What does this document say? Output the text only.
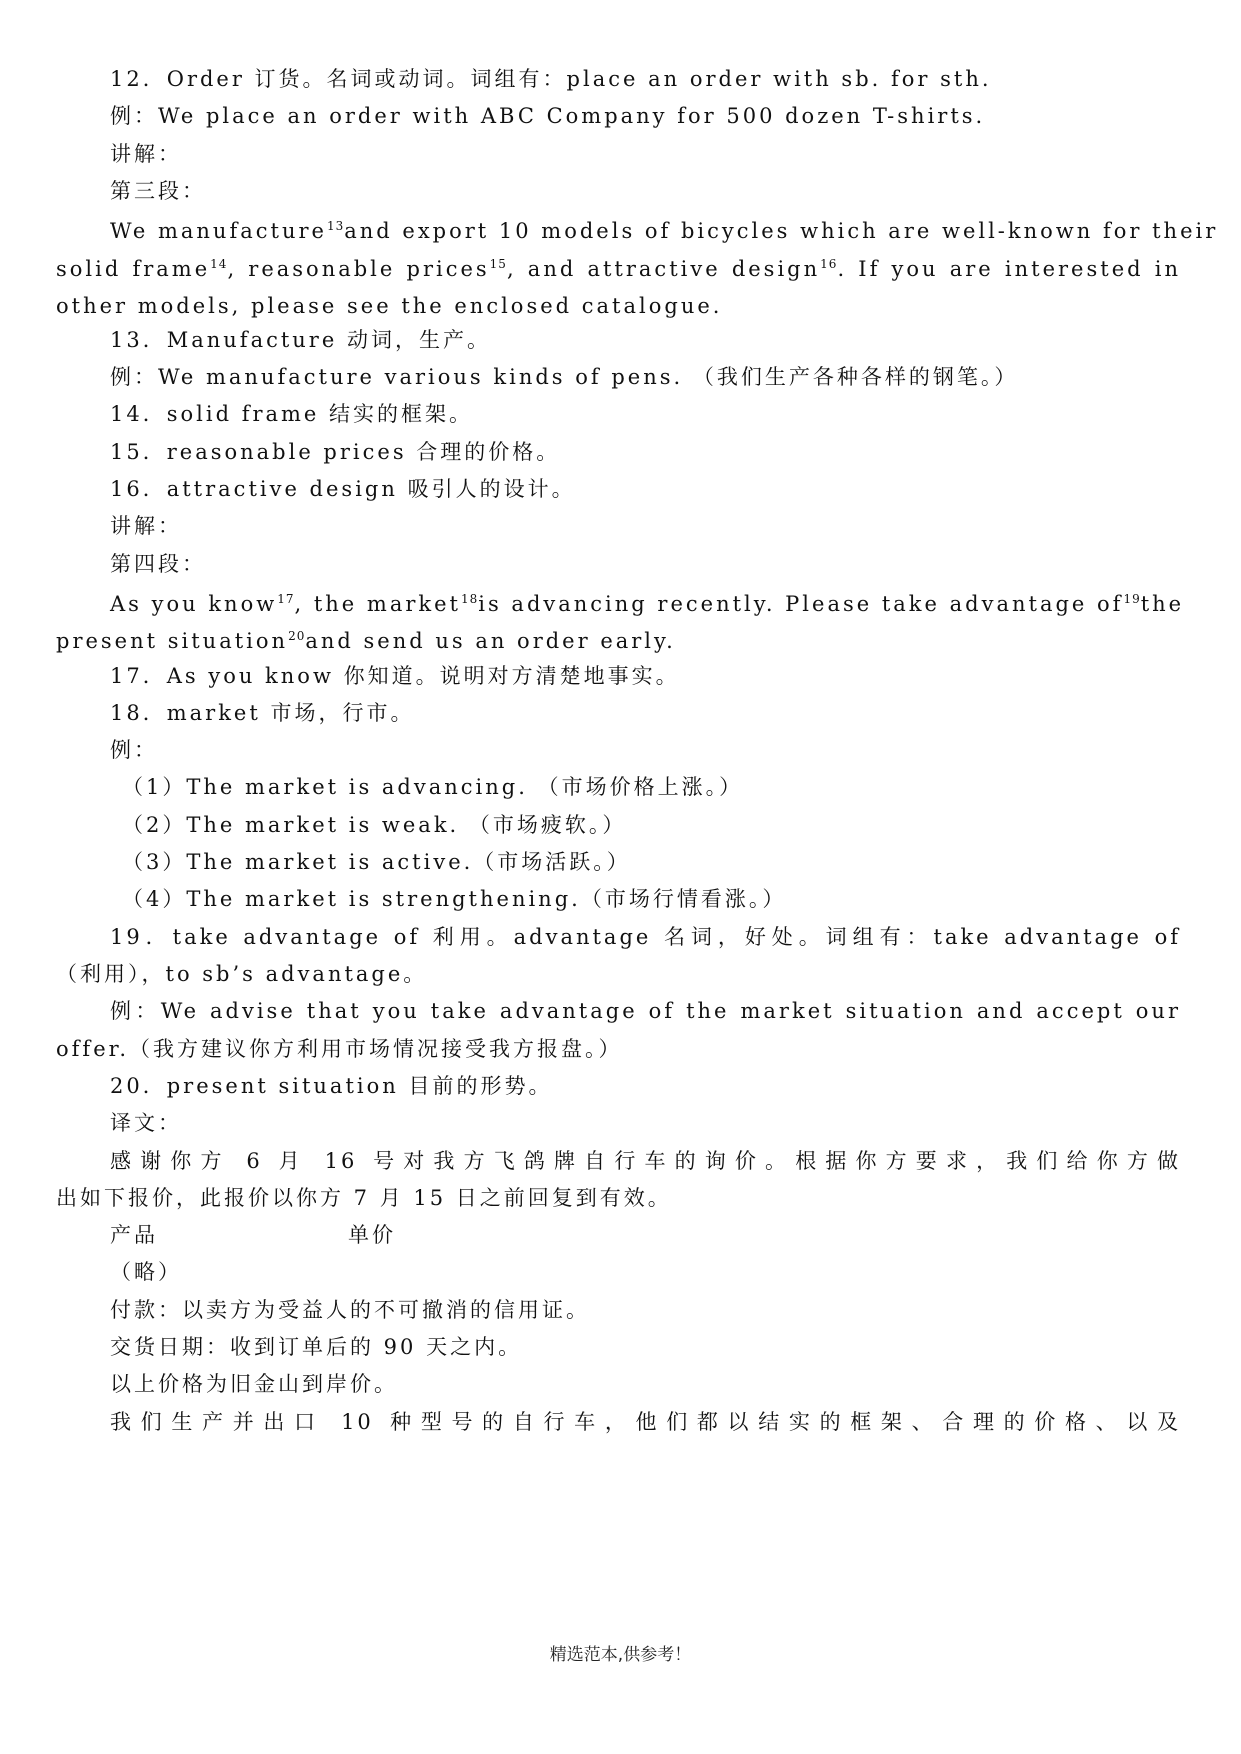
12．Order 订货。名词或动词。词组有：place an order with sb. for sth.
例：We place an order with ABC Company for 500 dozen T-shirts.
讲解：
第三段：
We manufacture$^{13}$and export 10 models of bicycles which are well-known for their
solid frame$^{14}$, reasonable prices$^{15}$, and attractive design$^{16}$. If you are interested in
other models, please see the enclosed catalogue.
13．Manufacture 动词，生产。
例：We manufacture various kinds of pens. （我们生产各种各样的钢笔。）
14．solid frame 结实的框架。
15．reasonable prices 合理的价格。
16．attractive design 吸引人的设计。
讲解：
第四段：
As you know$^{17}$, the market$^{18}$is advancing recently. Please take advantage $of^{19}the$
present situation$^{20}$and send us an order early.
17．As you know 你知道。说明对方清楚地事实。
18．market 市场，行市。
例：
（1）The market is advancing. （市场价格上涨。）
（2）The market is weak. （市场疲软。）
（3）The market is active.（市场活跃。）
（4）The market is strengthening.（市场行情看涨。）
19．take advantage of 利用。advantage 名词，好处。词组有：take advantage of
（利用），to sb’s advantage。
例：We advise that you take advantage of the market situation and accept our
offer.（我方建议你方利用市场情况接受我方报盘。）
20．present situation 目前的形势。
译文：
感谢你方 6 月 16 号对我方飞鸽牌自行车的询价。根据你方要求，我们给你方做
出如下报价，此报价以你方 7 月 15 日之前回复到有效。
产品	单价
（略）
付款：以卖方为受益人的不可撤消的信用证。
交货日期：收到订单后的 90 天之内。
以上价格为旧金山到岸价。
我们生产并出口 10 种型号的自行车，他们都以结实的框架、合理的价格、以及
精选范本,供参考！
